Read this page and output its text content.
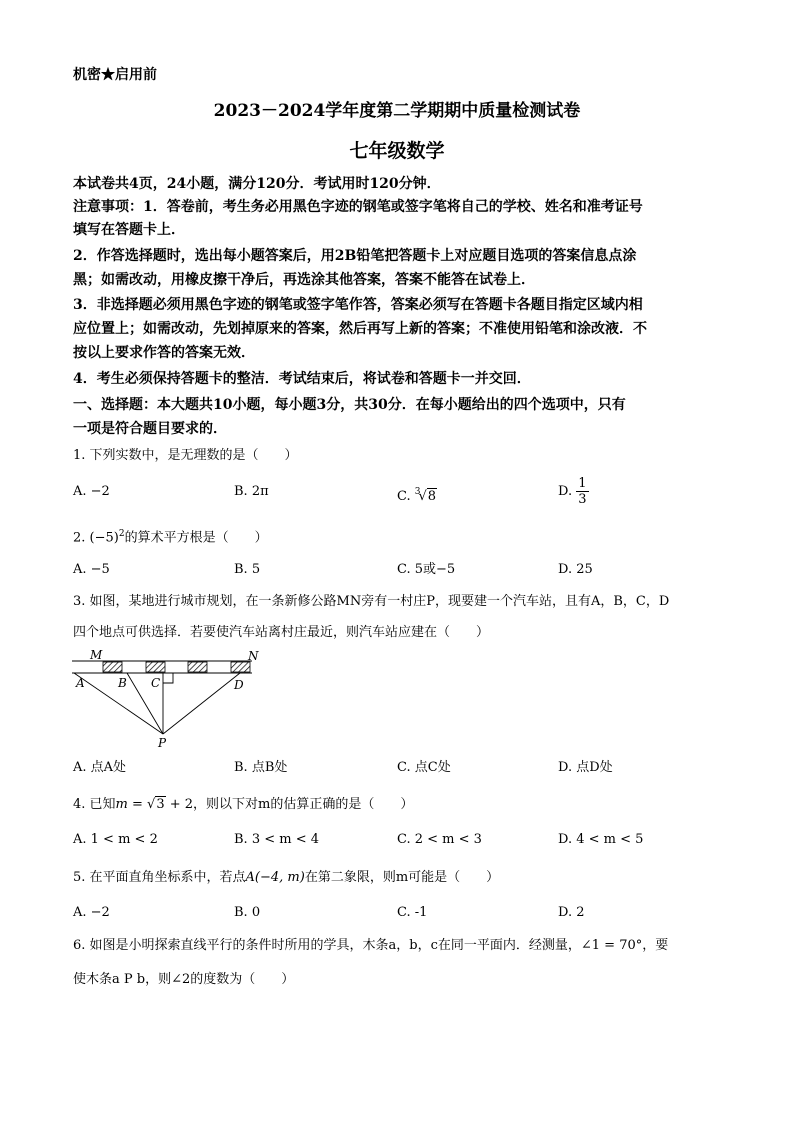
机密★启用前
2023－2024学年度第二学期期中质量检测试卷
七年级数学
本试卷共4页，24小题，满分120分．考试用时120分钟．
注意事项：1．答卷前，考生务必用黑色字迹的钢笔或签字笔将自己的学校、姓名和准考证号
填写在答题卡上．
2．作答选择题时，选出每小题答案后，用2B铅笔把答题卡上对应题目选项的答案信息点涂
黑；如需改动，用橡皮擦干净后，再选涂其他答案，答案不能答在试卷上．
3．非选择题必须用黑色字迹的钢笔或签字笔作答，答案必须写在答题卡各题目指定区域内相
应位置上；如需改动，先划掉原来的答案，然后再写上新的答案；不准使用铅笔和涂改液．不
按以上要求作答的答案无效．
4．考生必须保持答题卡的整洁．考试结束后，将试卷和答题卡一并交回．
一、选择题：本大题共10小题，每小题3分，共30分．在每小题给出的四个选项中，只有
一项是符合题目要求的．
1. 下列实数中，是无理数的是（　　）
A. −2	B. 2π	C. $^3$√8	D. $\frac{1}{3}$
2. $(-5)^2$的算术平方根是（　　）
A. −5	B. 5	C. 5或−5	D. 25
3. 如图，某地进行城市规划，在一条新修公路MN旁有一村庄P，现要建一个汽车站，且有A，B，C，D
四个地点可供选择．若要使汽车站离村庄最近，则汽车站应建在（　　）
M	N
A	B C	D
P
A. 点A处	B. 点B处	C. 点C处	D. 点D处
4. 已知m = √3 + 2，则以下对m的估算正确的是（　　）
A. 1 < m < 2	B. 3 < m < 4	C. 2 < m < 3	D. 4 < m < 5
5. 在平面直角坐标系中，若点A(−4, m)在第二象限，则m可能是（　　）
A. −2	B. 0	C. -1	D. 2
6. 如图是小明探索直线平行的条件时所用的学具，木条a，b，c在同一平面内．经测量，∠1 = 70°，要
使木条a P b，则∠2的度数为（　　）
